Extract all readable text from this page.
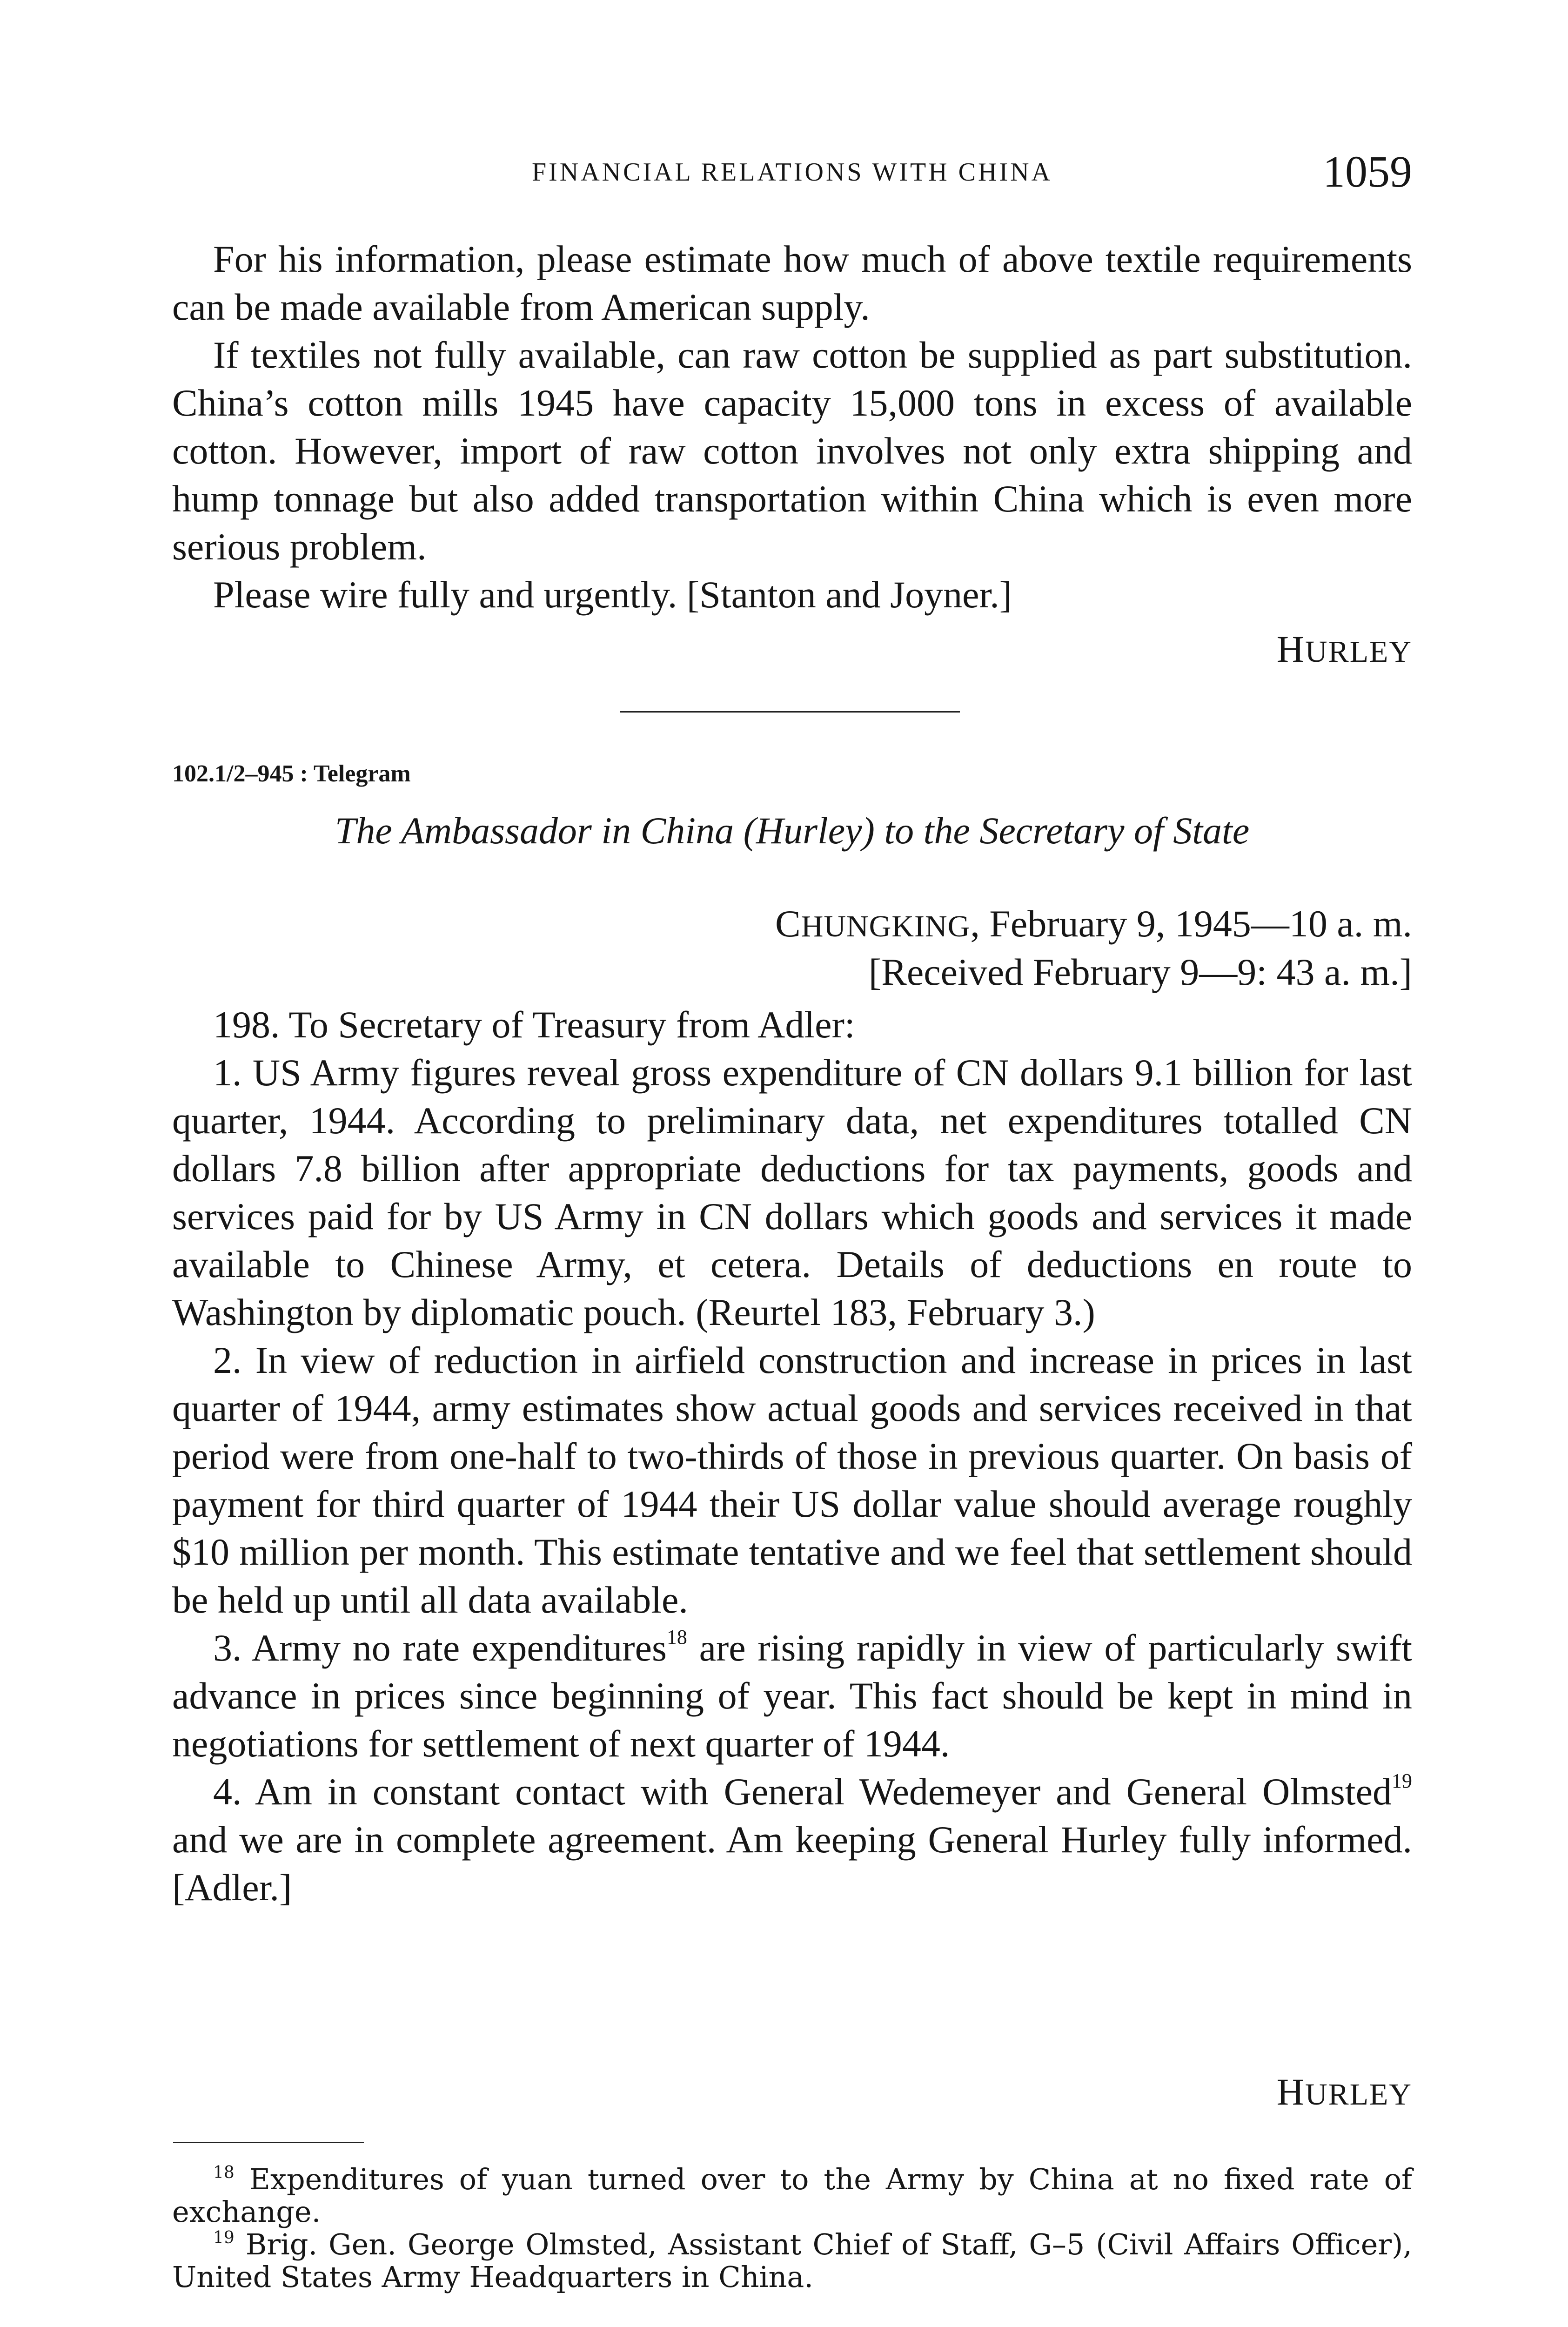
FINANCIAL RELATIONS WITH CHINA	1059

For his information, please estimate how much of above textile requirements can be made available from American supply.

If textiles not fully available, can raw cotton be supplied as part substitution. China’s cotton mills 1945 have capacity 15,000 tons in excess of available cotton. However, import of raw cotton involves not only extra shipping and hump tonnage but also added transportation within China which is even more serious problem.

Please wire fully and urgently. [Stanton and Joyner.]

HURLEY
102.1/2–945 : Telegram
The Ambassador in China (Hurley) to the Secretary of State
CHUNGKING, February 9, 1945—10 a. m.
[Received February 9—9: 43 a. m.]

198. To Secretary of Treasury from Adler:

1. US Army figures reveal gross expenditure of CN dollars 9.1 billion for last quarter, 1944. According to preliminary data, net expenditures totalled CN dollars 7.8 billion after appropriate deductions for tax payments, goods and services paid for by US Army in CN dollars which goods and services it made available to Chinese Army, et cetera. Details of deductions en route to Washington by diplomatic pouch. (Reurtel 183, February 3.)

2. In view of reduction in airfield construction and increase in prices in last quarter of 1944, army estimates show actual goods and services received in that period were from one-half to two-thirds of those in previous quarter. On basis of payment for third quarter of 1944 their US dollar value should average roughly $10 million per month. This estimate tentative and we feel that settlement should be held up until all data available.

3. Army no rate expenditures$^{18}$ are rising rapidly in view of particularly swift advance in prices since beginning of year. This fact should be kept in mind in negotiations for settlement of next quarter of 1944.

4. Am in constant contact with General Wedemeyer and General Olmsted$^{19}$ and we are in complete agreement. Am keeping General Hurley fully informed. [Adler.]

HURLEY

$^{18}$ Expenditures of yuan turned over to the Army by China at no fixed rate of exchange.

$^{19}$ Brig. Gen. George Olmsted, Assistant Chief of Staff, G–5 (Civil Affairs Officer), United States Army Headquarters in China.
